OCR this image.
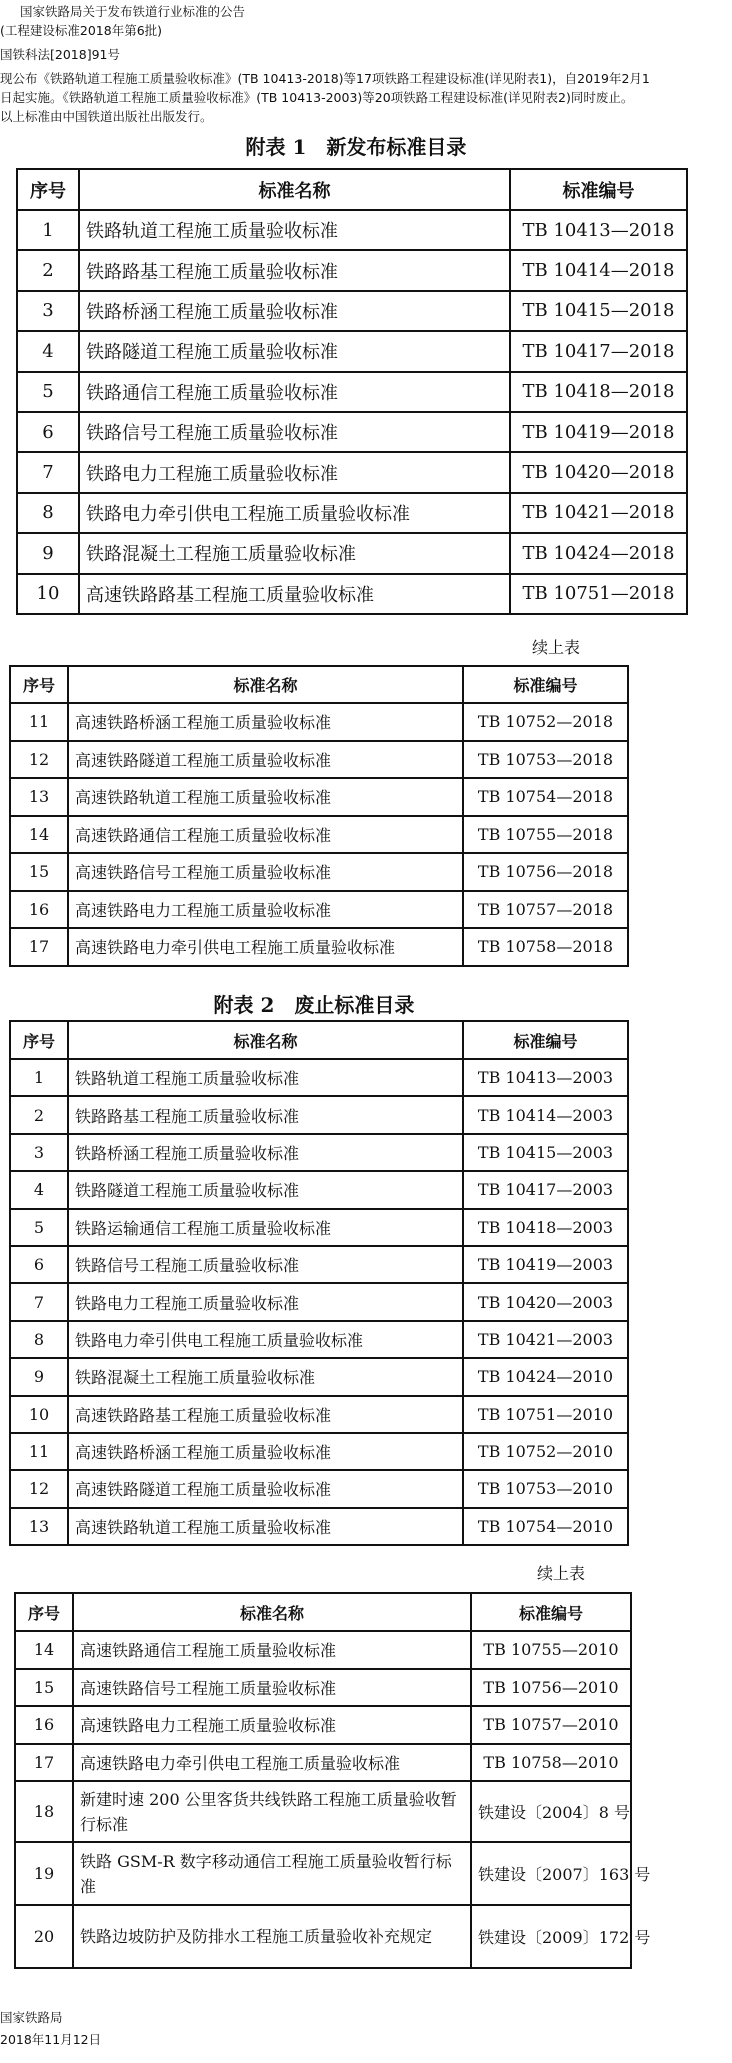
国家铁路局关于发布铁道行业标准的公告
(工程建设标准2018年第6批)
国铁科法[2018]91号
现公布《铁路轨道工程施工质量验收标准》(TB 10413-2018)等17项铁路工程建设标准(详见附表1)，自2019年2月1
日起实施。《铁路轨道工程施工质量验收标准》(TB 10413-2003)等20项铁路工程建设标准(详见附表2)同时废止。
以上标准由中国铁道出版社出版发行。
附表 1　新发布标准目录
序号	标准名称	标准编号
1	铁路轨道工程施工质量验收标准	TB 10413—2018
2	铁路路基工程施工质量验收标准	TB 10414—2018
3	铁路桥涵工程施工质量验收标准	TB 10415—2018
4	铁路隧道工程施工质量验收标准	TB 10417—2018
5	铁路通信工程施工质量验收标准	TB 10418—2018
6	铁路信号工程施工质量验收标准	TB 10419—2018
7	铁路电力工程施工质量验收标准	TB 10420—2018
8	铁路电力牵引供电工程施工质量验收标准	TB 10421—2018
9	铁路混凝土工程施工质量验收标准	TB 10424—2018
10	高速铁路路基工程施工质量验收标准	TB 10751—2018
续上表
序号	标准名称	标准编号
11	高速铁路桥涵工程施工质量验收标准	TB 10752—2018
12	高速铁路隧道工程施工质量验收标准	TB 10753—2018
13	高速铁路轨道工程施工质量验收标准	TB 10754—2018
14	高速铁路通信工程施工质量验收标准	TB 10755—2018
15	高速铁路信号工程施工质量验收标准	TB 10756—2018
16	高速铁路电力工程施工质量验收标准	TB 10757—2018
17	高速铁路电力牵引供电工程施工质量验收标准	TB 10758—2018
附表 2　废止标准目录
序号	标准名称	标准编号
1	铁路轨道工程施工质量验收标准	TB 10413—2003
2	铁路路基工程施工质量验收标准	TB 10414—2003
3	铁路桥涵工程施工质量验收标准	TB 10415—2003
4	铁路隧道工程施工质量验收标准	TB 10417—2003
5	铁路运输通信工程施工质量验收标准	TB 10418—2003
6	铁路信号工程施工质量验收标准	TB 10419—2003
7	铁路电力工程施工质量验收标准	TB 10420—2003
8	铁路电力牵引供电工程施工质量验收标准	TB 10421—2003
9	铁路混凝土工程施工质量验收标准	TB 10424—2010
10	高速铁路路基工程施工质量验收标准	TB 10751—2010
11	高速铁路桥涵工程施工质量验收标准	TB 10752—2010
12	高速铁路隧道工程施工质量验收标准	TB 10753—2010
13	高速铁路轨道工程施工质量验收标准	TB 10754—2010
续上表
序号	标准名称	标准编号
14	高速铁路通信工程施工质量验收标准	TB 10755—2010
15	高速铁路信号工程施工质量验收标准	TB 10756—2010
16	高速铁路电力工程施工质量验收标准	TB 10757—2010
17	高速铁路电力牵引供电工程施工质量验收标准	TB 10758—2010
18	新建时速 200 公里客货共线铁路工程施工质量验收暂行标准	铁建设〔2004〕8 号
19	铁路 GSM-R 数字移动通信工程施工质量验收暂行标准	铁建设〔2007〕163 号
20	铁路边坡防护及防排水工程施工质量验收补充规定	铁建设〔2009〕172 号
国家铁路局
2018年11月12日
